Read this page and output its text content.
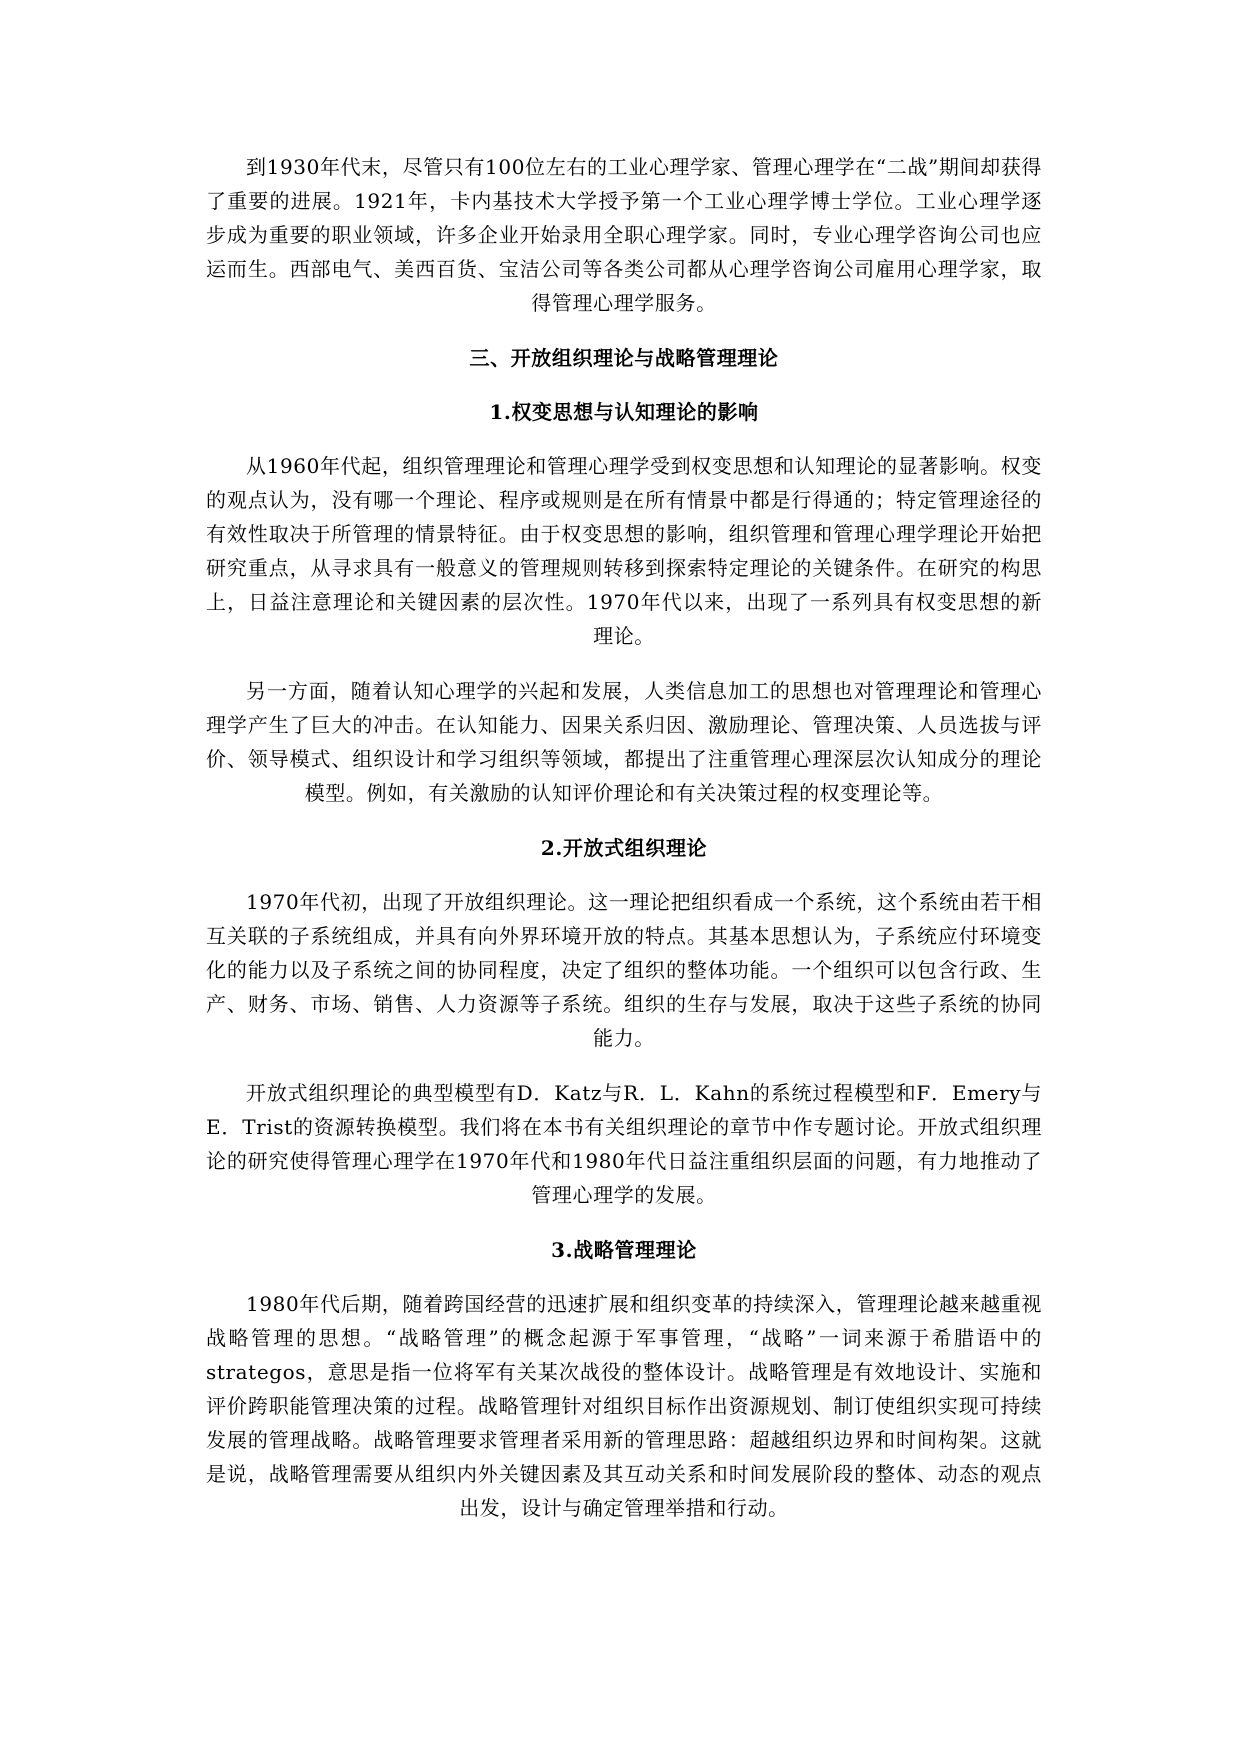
到1930年代末，尽管只有100位左右的工业心理学家、管理心理学在“二战”期间却获得了重要的进展。1921年，卡内基技术大学授予第一个工业心理学博士学位。工业心理学逐步成为重要的职业领域，许多企业开始录用全职心理学家。同时，专业心理学咨询公司也应运而生。西部电气、美西百货、宝洁公司等各类公司都从心理学咨询公司雇用心理学家，取得管理心理学服务。

三、开放组织理论与战略管理理论
1.权变思想与认知理论的影响

从1960年代起，组织管理理论和管理心理学受到权变思想和认知理论的显著影响。权变的观点认为，没有哪一个理论、程序或规则是在所有情景中都是行得通的；特定管理途径的有效性取决于所管理的情景特征。由于权变思想的影响，组织管理和管理心理学理论开始把研究重点，从寻求具有一般意义的管理规则转移到探索特定理论的关键条件。在研究的构思上，日益注意理论和关键因素的层次性。1970年代以来，出现了一系列具有权变思想的新理论。

另一方面，随着认知心理学的兴起和发展，人类信息加工的思想也对管理理论和管理心理学产生了巨大的冲击。在认知能力、因果关系归因、激励理论、管理决策、人员选拔与评价、领导模式、组织设计和学习组织等领域，都提出了注重管理心理深层次认知成分的理论模型。例如，有关激励的认知评价理论和有关决策过程的权变理论等。

2.开放式组织理论

1970年代初，出现了开放组织理论。这一理论把组织看成一个系统，这个系统由若干相互关联的子系统组成，并具有向外界环境开放的特点。其基本思想认为，子系统应付环境变化的能力以及子系统之间的协同程度，决定了组织的整体功能。一个组织可以包含行政、生产、财务、市场、销售、人力资源等子系统。组织的生存与发展，取决于这些子系统的协同能力。

开放式组织理论的典型模型有D．Katz与R．L．Kahn的系统过程模型和F．Emery与E．Trist的资源转换模型。我们将在本书有关组织理论的章节中作专题讨论。开放式组织理论的研究使得管理心理学在1970年代和1980年代日益注重组织层面的问题，有力地推动了管理心理学的发展。

3.战略管理理论

1980年代后期，随着跨国经营的迅速扩展和组织变革的持续深入，管理理论越来越重视战略管理的思想。“战略管理”的概念起源于军事管理，“战略”一词来源于希腊语中的strategos，意思是指一位将军有关某次战役的整体设计。战略管理是有效地设计、实施和评价跨职能管理决策的过程。战略管理针对组织目标作出资源规划、制订使组织实现可持续发展的管理战略。战略管理要求管理者采用新的管理思路：超越组织边界和时间构架。这就是说，战略管理需要从组织内外关键因素及其互动关系和时间发展阶段的整体、动态的观点出发，设计与确定管理举措和行动。
